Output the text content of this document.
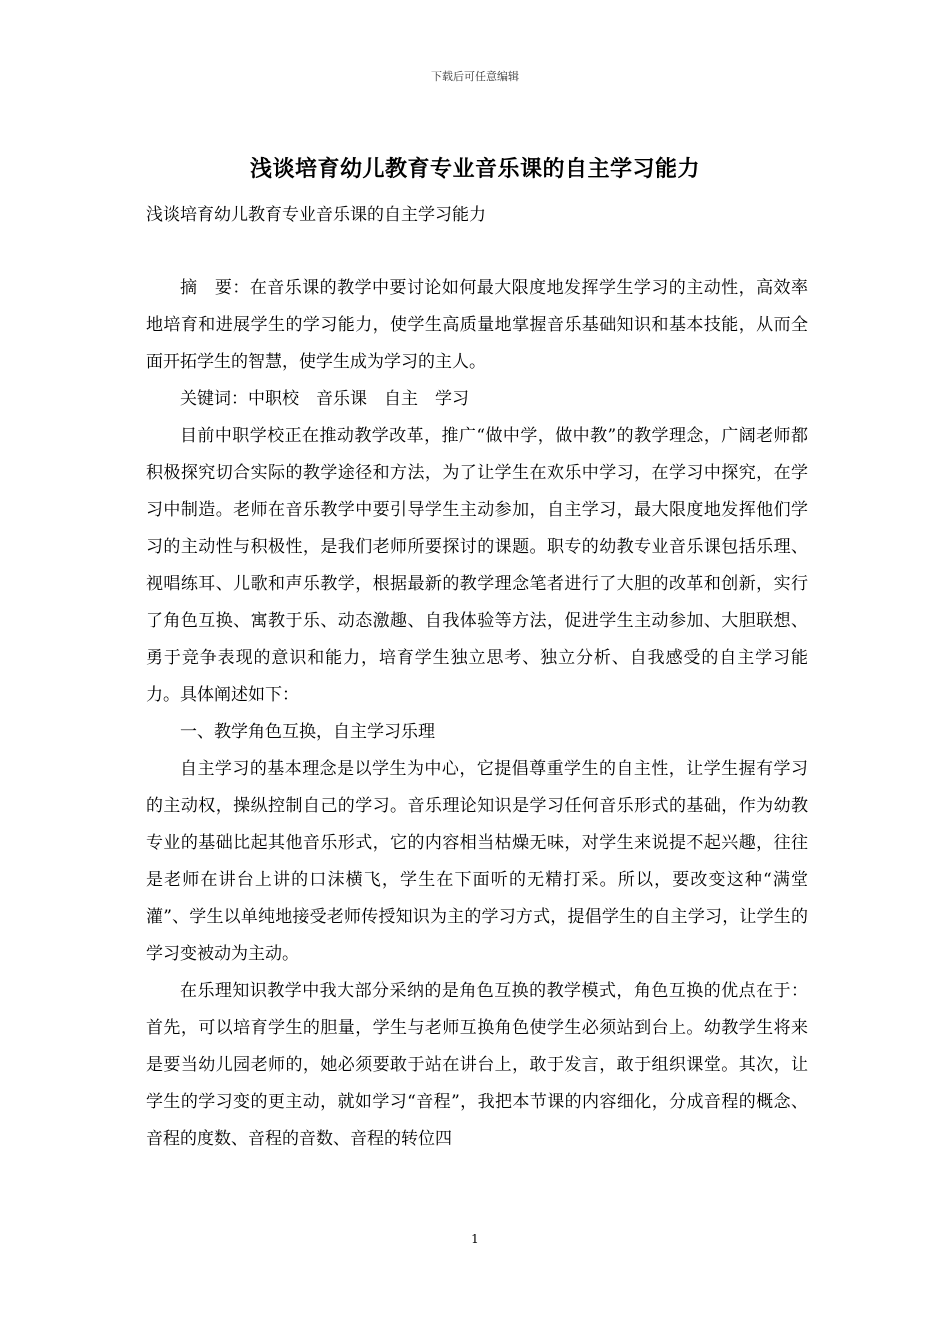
下载后可任意编辑
浅谈培育幼儿教育专业音乐课的自主学习能力
浅谈培育幼儿教育专业音乐课的自主学习能力

摘　要：在音乐课的教学中要讨论如何最大限度地发挥学生学习的主动性，高效率地培育和进展学生的学习能力，使学生高质量地掌握音乐基础知识和基本技能，从而全面开拓学生的智慧，使学生成为学习的主人。

关键词：中职校　音乐课　自主　学习

目前中职学校正在推动教学改革，推广“做中学，做中教”的教学理念，广阔老师都积极探究切合实际的教学途径和方法，为了让学生在欢乐中学习，在学习中探究，在学习中制造。老师在音乐教学中要引导学生主动参加，自主学习，最大限度地发挥他们学习的主动性与积极性，是我们老师所要探讨的课题。职专的幼教专业音乐课包括乐理、视唱练耳、儿歌和声乐教学，根据最新的教学理念笔者进行了大胆的改革和创新，实行了角色互换、寓教于乐、动态激趣、自我体验等方法，促进学生主动参加、大胆联想、勇于竞争表现的意识和能力，培育学生独立思考、独立分析、自我感受的自主学习能力。具体阐述如下：

一、教学角色互换，自主学习乐理

自主学习的基本理念是以学生为中心，它提倡尊重学生的自主性，让学生握有学习的主动权，操纵控制自己的学习。音乐理论知识是学习任何音乐形式的基础，作为幼教专业的基础比起其他音乐形式，它的内容相当枯燥无味，对学生来说提不起兴趣，往往是老师在讲台上讲的口沫横飞，学生在下面听的无精打采。所以，要改变这种“满堂灌”、学生以单纯地接受老师传授知识为主的学习方式，提倡学生的自主学习，让学生的学习变被动为主动。

在乐理知识教学中我大部分采纳的是角色互换的教学模式，角色互换的优点在于：首先，可以培育学生的胆量，学生与老师互换角色使学生必须站到台上。幼教学生将来是要当幼儿园老师的，她必须要敢于站在讲台上，敢于发言，敢于组织课堂。其次，让学生的学习变的更主动，就如学习“音程”，我把本节课的内容细化，分成音程的概念、音程的度数、音程的音数、音程的转位四

1
